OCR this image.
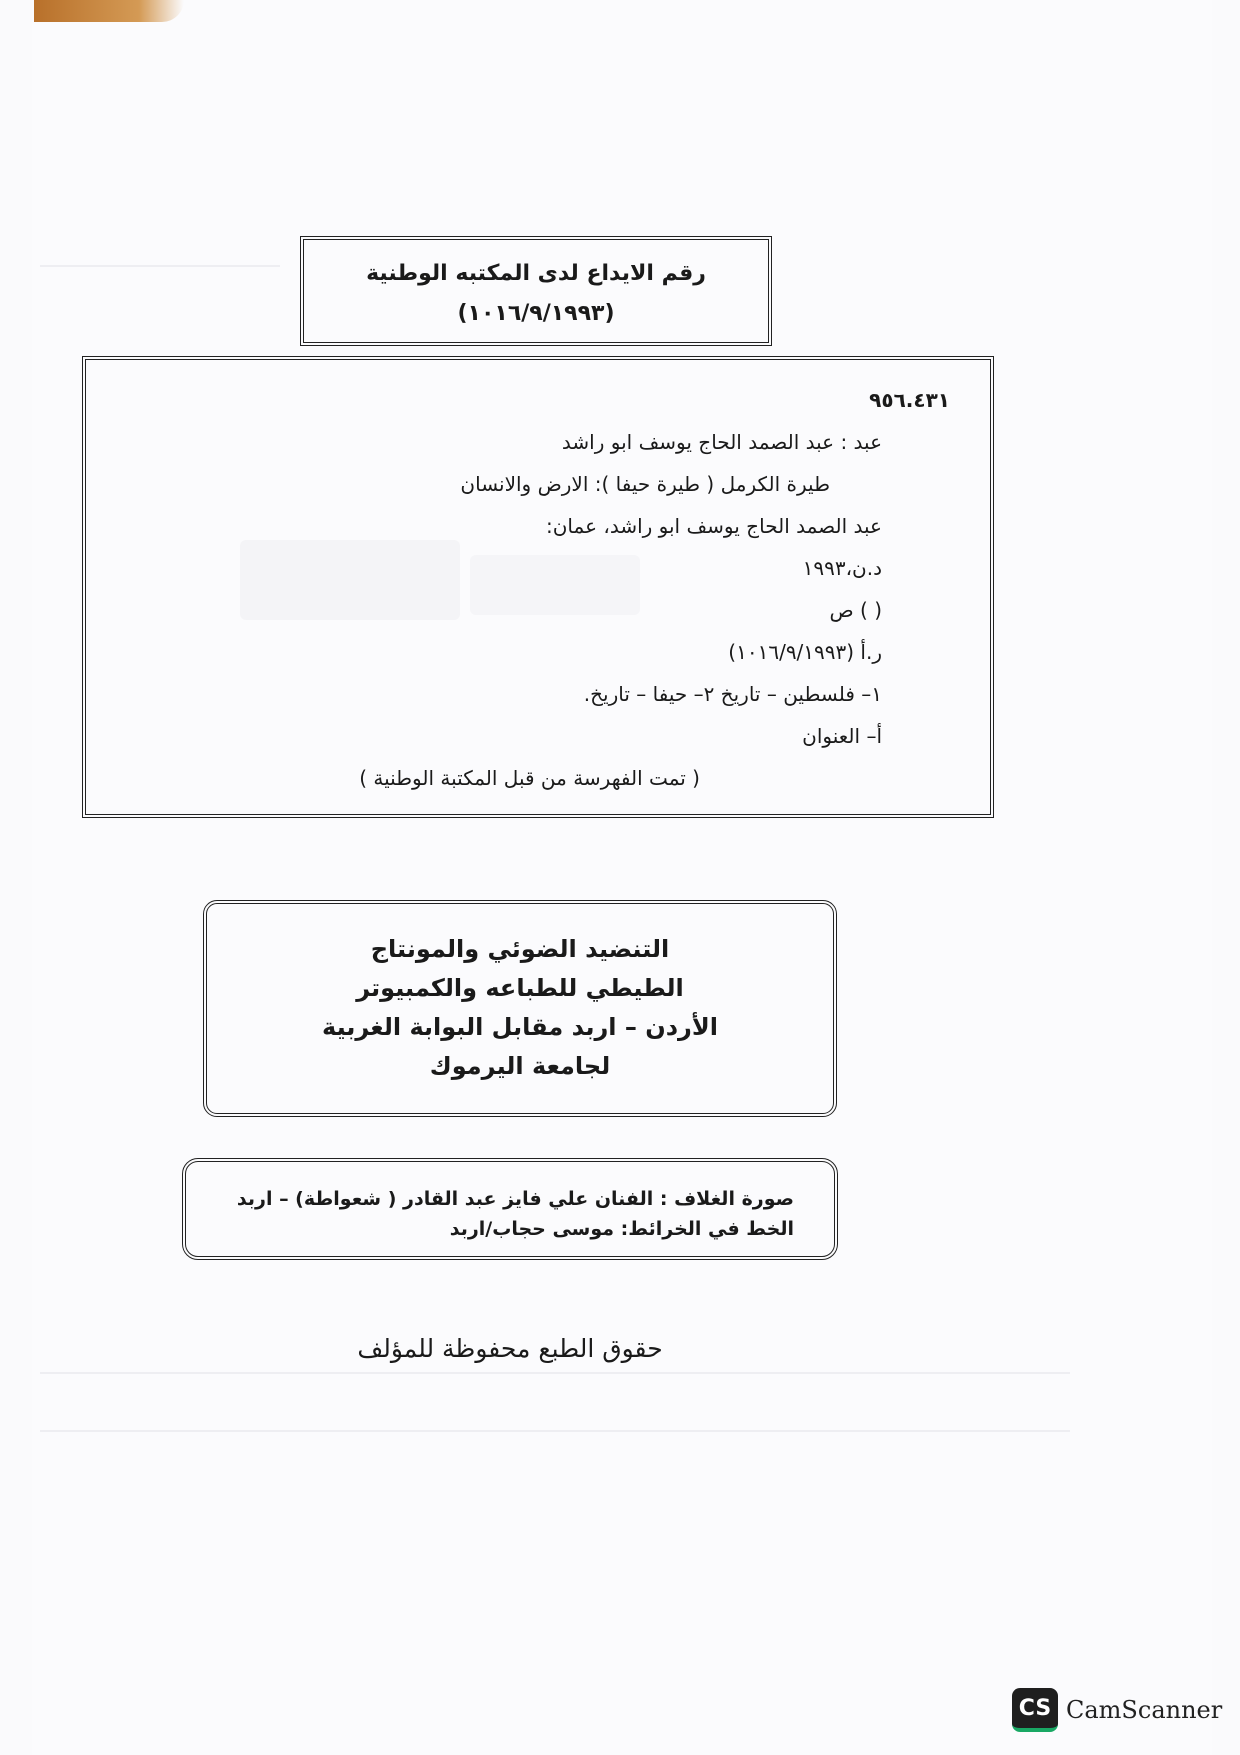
رقم الايداع لدى المكتبه الوطنية
(١٠١٦/٩/١٩٩٣)
٩٥٦.٤٣١
عبد : عبد الصمد الحاج يوسف ابو راشد
طيرة الكرمل ( طيرة حيفا ): الارض والانسان
عبد الصمد الحاج يوسف ابو راشد، عمان:
د.ن،١٩٩٣
( ) ص
ر.أ (١٠١٦/٩/١٩٩٣)
١– فلسطين – تاريخ ٢– حيفا – تاريخ.
أ– العنوان
( تمت الفهرسة من قبل المكتبة الوطنية )
التنضيد الضوئي والمونتاج
الطيطي للطباعه والكمبيوتر
الأردن – اربد مقابل البوابة الغربية
لجامعة اليرموك
صورة الغلاف : الفنان علي فايز عبد القادر ( شعواطة) – اربد
الخط في الخرائط: موسى حجاب/اربد
حقوق الطبع محفوظة للمؤلف
CS CamScanner
